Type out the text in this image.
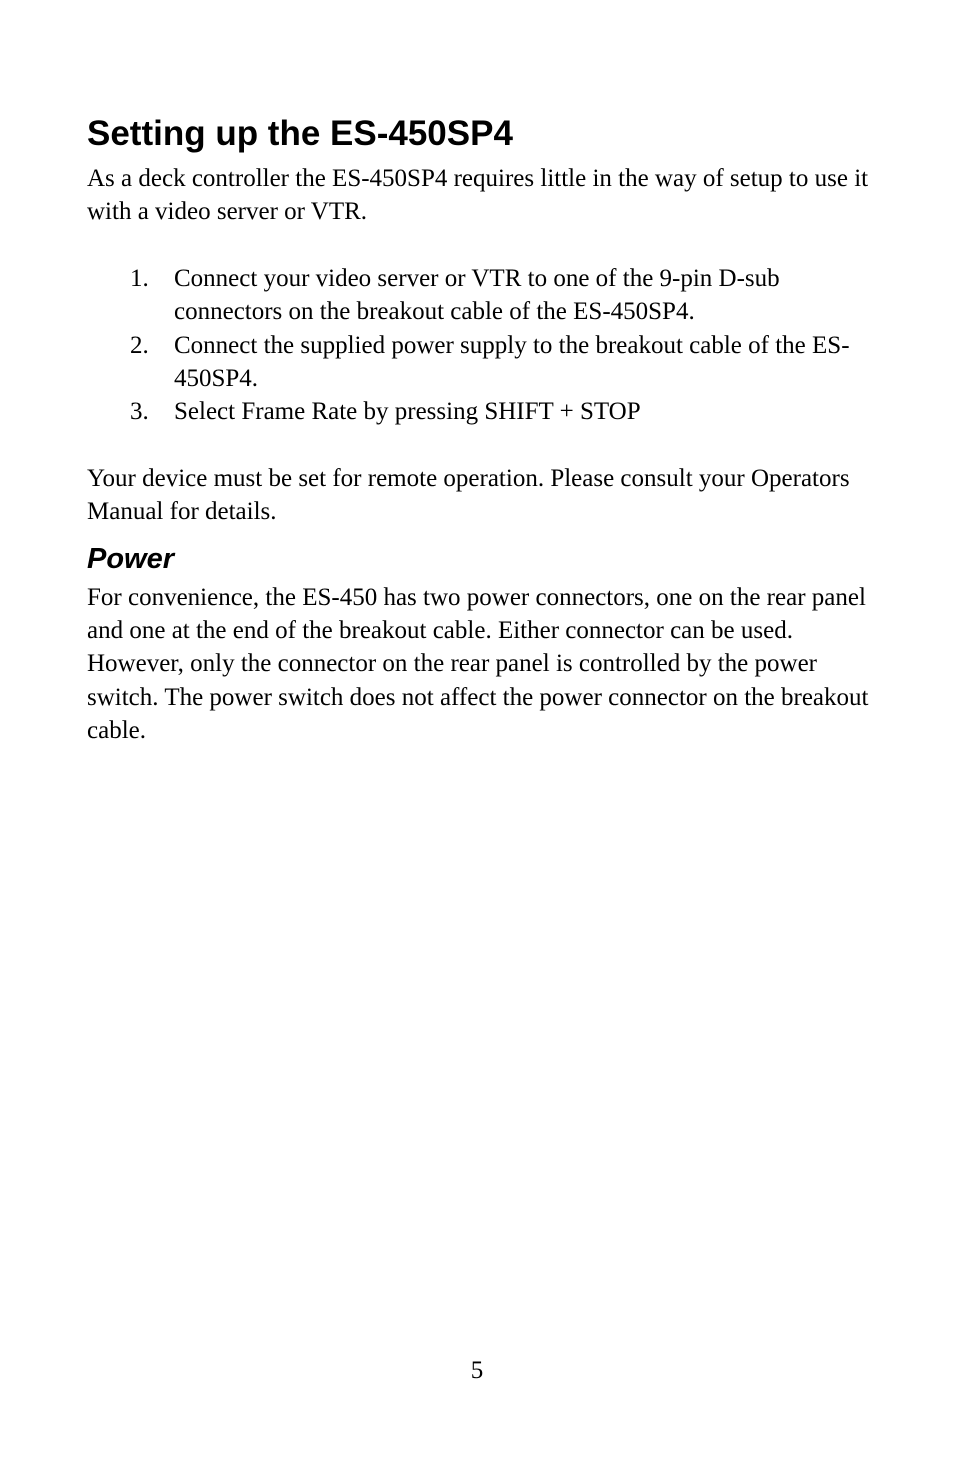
Setting up the ES-450SP4

As a deck controller the ES-450SP4 requires little in the way of setup to use it with a video server or VTR.

1. Connect your video server or VTR to one of the 9-pin D-sub connectors on the breakout cable of the ES-450SP4.
2. Connect the supplied power supply to the breakout cable of the ES-450SP4.
3. Select Frame Rate by pressing SHIFT + STOP

Your device must be set for remote operation. Please consult your Operators Manual for details.

Power

For convenience, the ES-450 has two power connectors, one on the rear panel and one at the end of the breakout cable. Either connector can be used. However, only the connector on the rear panel is controlled by the power switch. The power switch does not affect the power connector on the breakout cable.

5
